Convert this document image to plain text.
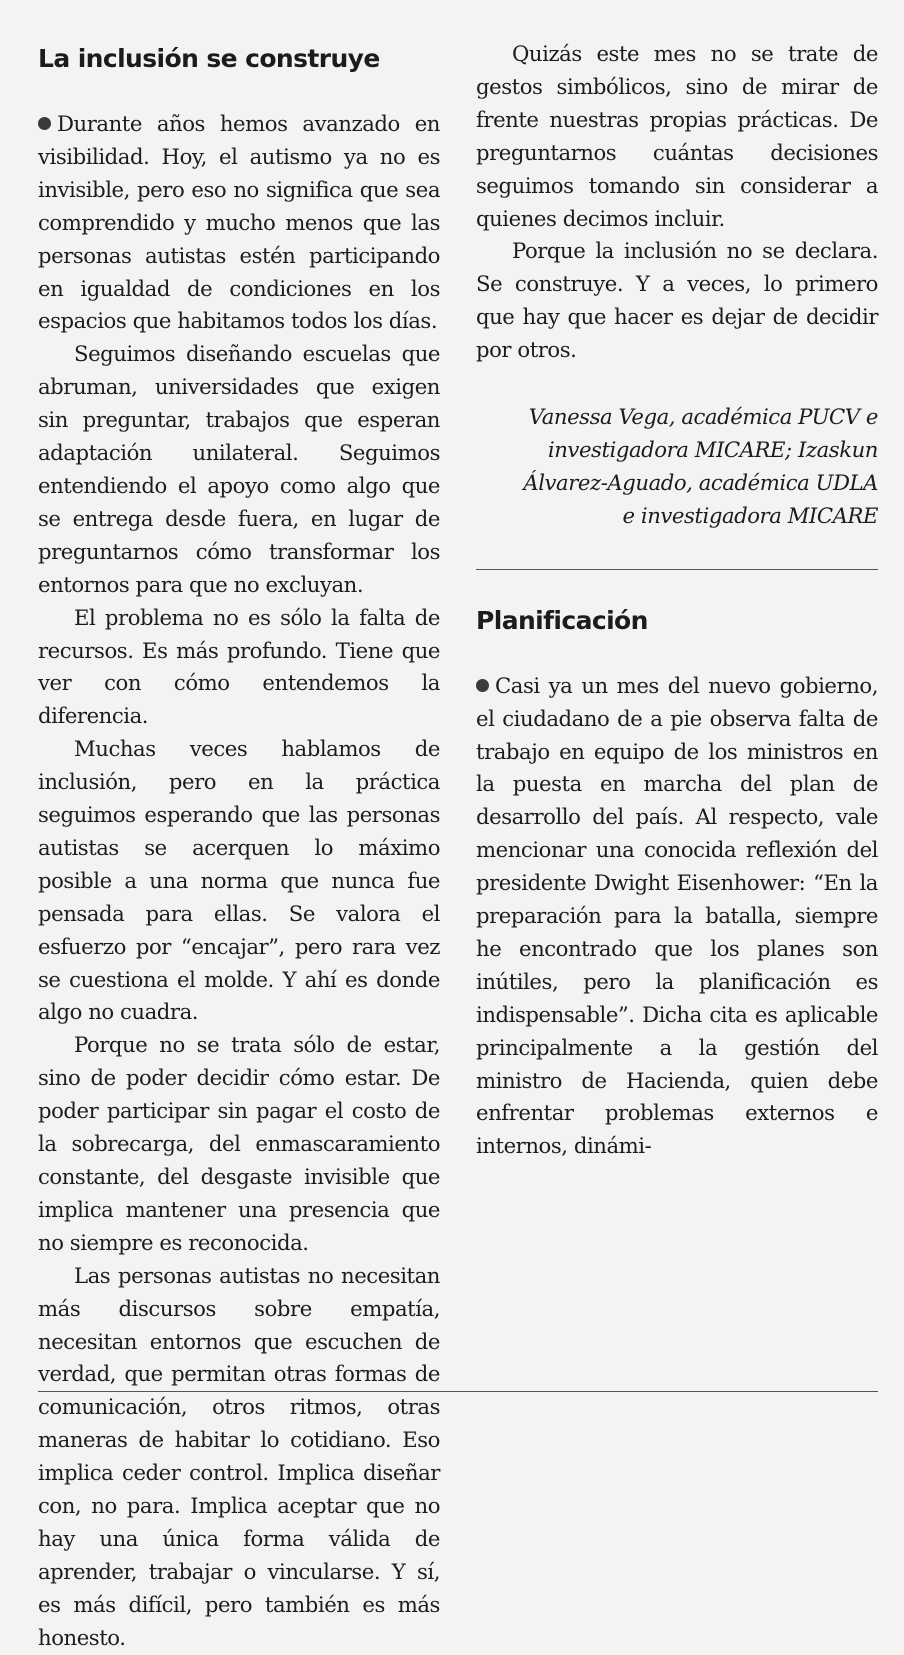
La inclusión se construye

Durante años hemos avanzado en visibilidad. Hoy, el autismo ya no es invisible, pero eso no significa que sea comprendido y mucho menos que las personas autistas estén participando en igualdad de condiciones en los espacios que habitamos todos los días.

Seguimos diseñando escuelas que abruman, universidades que exigen sin preguntar, trabajos que esperan adaptación unilateral. Seguimos entendiendo el apoyo como algo que se entrega desde fuera, en lugar de preguntarnos cómo transformar los entornos para que no excluyan.

El problema no es sólo la falta de recursos. Es más profundo. Tiene que ver con cómo entendemos la diferencia.

Muchas veces hablamos de inclusión, pero en la práctica seguimos esperando que las personas autistas se acerquen lo máximo posible a una norma que nunca fue pensada para ellas. Se valora el esfuerzo por “encajar”, pero rara vez se cuestiona el molde. Y ahí es donde algo no cuadra.

Porque no se trata sólo de estar, sino de poder decidir cómo estar. De poder participar sin pagar el costo de la sobrecarga, del enmascaramiento constante, del desgaste invisible que implica mantener una presencia que no siempre es reconocida.

Las personas autistas no necesitan más discursos sobre empatía, necesitan entornos que escuchen de verdad, que permitan otras formas de comunicación, otros ritmos, otras maneras de habitar lo cotidiano. Eso implica ceder control. Implica diseñar con, no para. Implica aceptar que no hay una única forma válida de aprender, trabajar o vincularse. Y sí, es más difícil, pero también es más honesto.

Quizás este mes no se trate de gestos simbólicos, sino de mirar de frente nuestras propias prácticas. De preguntarnos cuántas decisiones seguimos tomando sin considerar a quienes decimos incluir.

Porque la inclusión no se declara. Se construye. Y a veces, lo primero que hay que hacer es dejar de decidir por otros.

Vanessa Vega, académica PUCV e
investigadora MICARE; Izaskun
Álvarez-Aguado, académica UDLA
e investigadora MICARE

Planificación

Casi ya un mes del nuevo gobierno, el ciudadano de a pie observa falta de trabajo en equipo de los ministros en la puesta en marcha del plan de desarrollo del país. Al respecto, vale mencionar una conocida reflexión del presidente Dwight Eisenhower: “En la preparación para la batalla, siempre he encontrado que los planes son inútiles, pero la planificación es indispensable”. Dicha cita es aplicable principalmente a la gestión del ministro de Hacienda, quien debe enfrentar problemas externos e internos, dinámi-
